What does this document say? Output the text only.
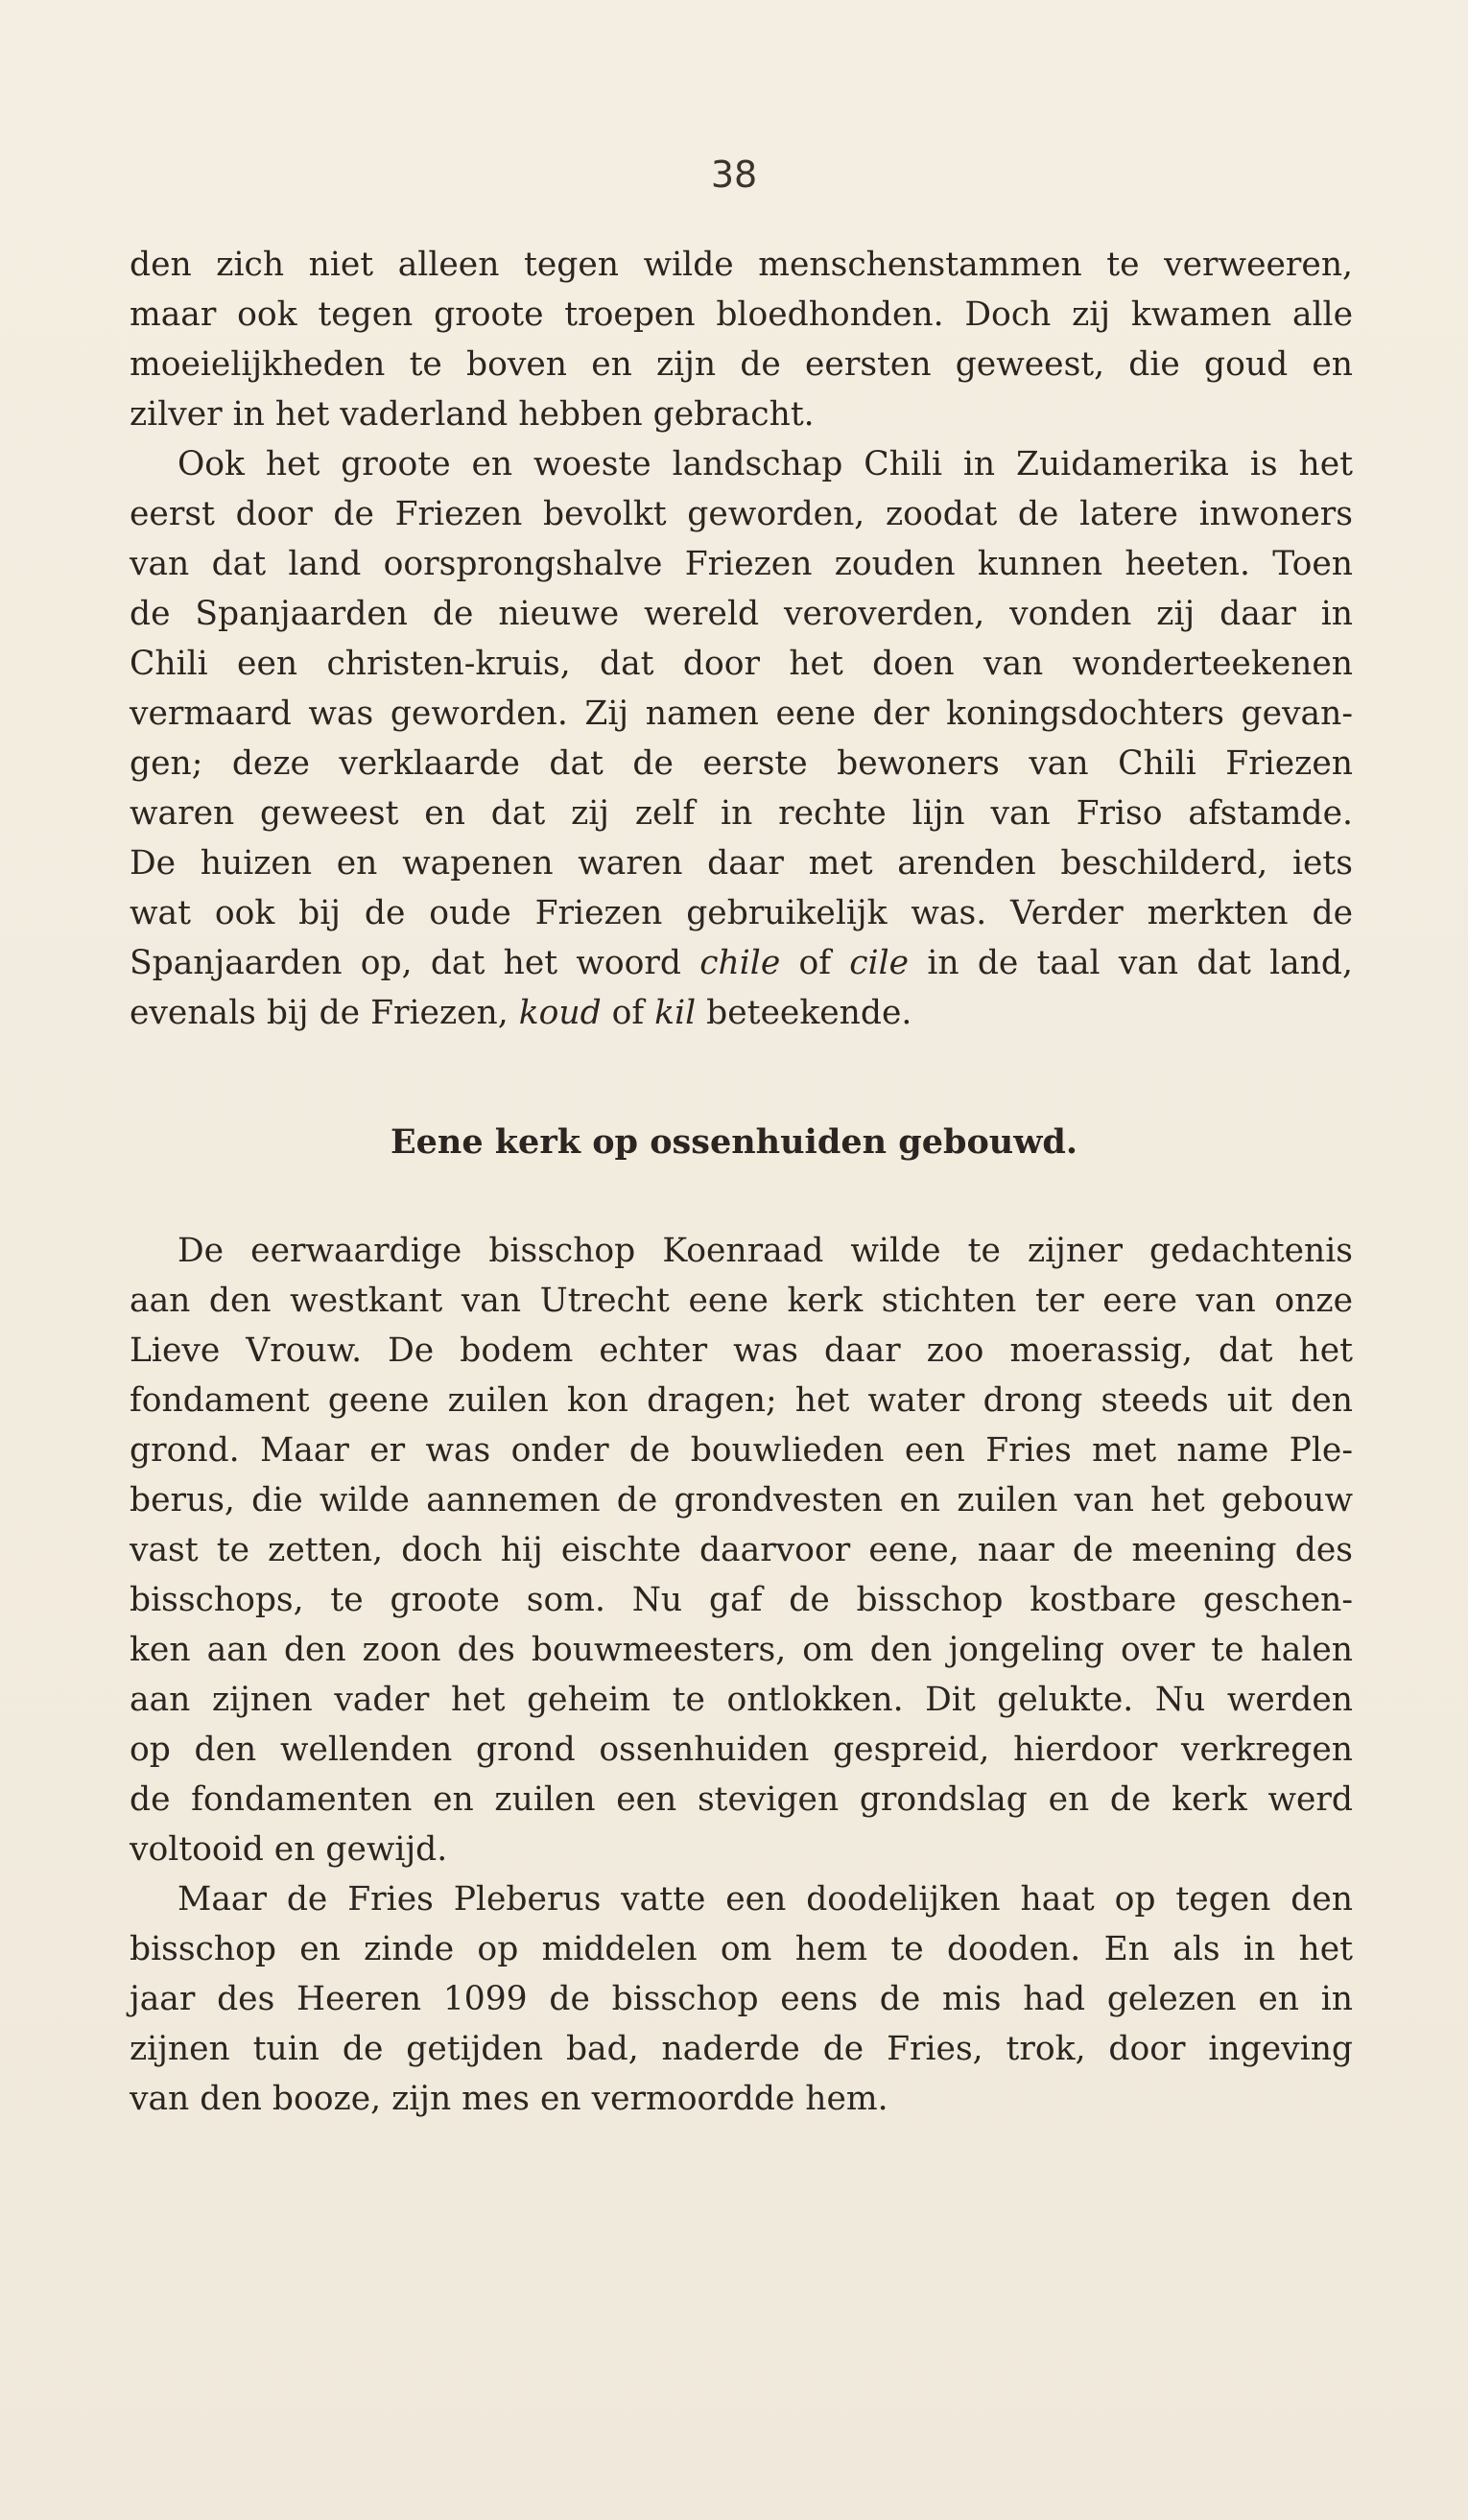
38
den zich niet alleen tegen wilde menschenstammen te verweeren,
maar ook tegen groote troepen bloedhonden. Doch zij kwamen alle
moeielijkheden te boven en zijn de eersten geweest, die goud en
zilver in het vaderland hebben gebracht.
Ook het groote en woeste landschap Chili in Zuidamerika is het
eerst door de Friezen bevolkt geworden, zoodat de latere inwoners
van dat land oorsprongshalve Friezen zouden kunnen heeten. Toen
de Spanjaarden de nieuwe wereld veroverden, vonden zij daar in
Chili een christen-kruis, dat door het doen van wonderteekenen
vermaard was geworden. Zij namen eene der koningsdochters gevan-
gen; deze verklaarde dat de eerste bewoners van Chili Friezen
waren geweest en dat zij zelf in rechte lijn van Friso afstamde.
De huizen en wapenen waren daar met arenden beschilderd, iets
wat ook bij de oude Friezen gebruikelijk was. Verder merkten de
Spanjaarden op, dat het woord chile of cile in de taal van dat land,
evenals bij de Friezen, koud of kil beteekende.
Eene kerk op ossenhuiden gebouwd.
De eerwaardige bisschop Koenraad wilde te zijner gedachtenis
aan den westkant van Utrecht eene kerk stichten ter eere van onze
Lieve Vrouw. De bodem echter was daar zoo moerassig, dat het
fondament geene zuilen kon dragen; het water drong steeds uit den
grond. Maar er was onder de bouwlieden een Fries met name Ple-
berus, die wilde aannemen de grondvesten en zuilen van het gebouw
vast te zetten, doch hij eischte daarvoor eene, naar de meening des
bisschops, te groote som. Nu gaf de bisschop kostbare geschen-
ken aan den zoon des bouwmeesters, om den jongeling over te halen
aan zijnen vader het geheim te ontlokken. Dit gelukte. Nu werden
op den wellenden grond ossenhuiden gespreid, hierdoor verkregen
de fondamenten en zuilen een stevigen grondslag en de kerk werd
voltooid en gewijd.
Maar de Fries Pleberus vatte een doodelijken haat op tegen den
bisschop en zinde op middelen om hem te dooden. En als in het
jaar des Heeren 1099 de bisschop eens de mis had gelezen en in
zijnen tuin de getijden bad, naderde de Fries, trok, door ingeving
van den booze, zijn mes en vermoordde hem.
